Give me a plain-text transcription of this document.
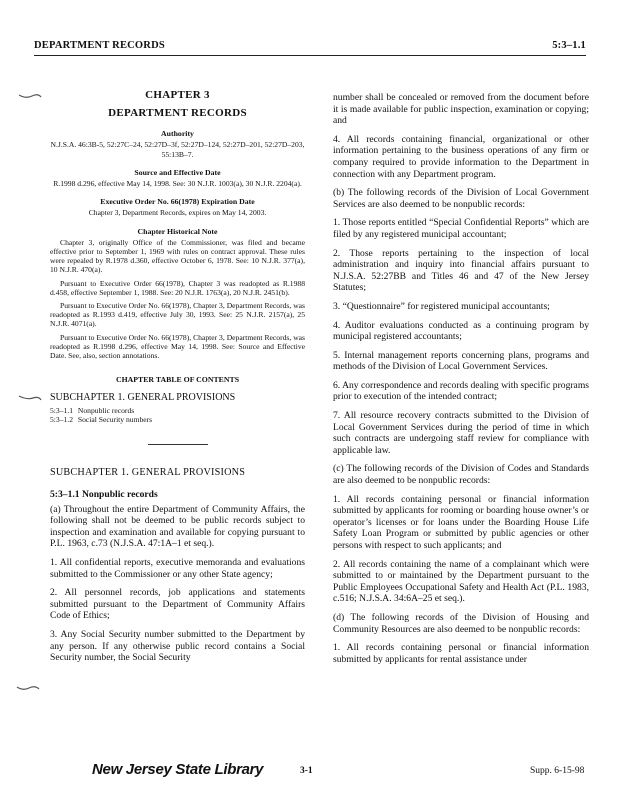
DEPARTMENT RECORDS	5:3–1.1
CHAPTER 3
DEPARTMENT RECORDS
Authority
N.J.S.A. 46:3B-5, 52:27C–24, 52:27D–3f, 52:27D–124, 52:27D–201, 52:27D–203, 55:13B–7.
Source and Effective Date
R.1998 d.296, effective May 14, 1998. See: 30 N.J.R. 1003(a), 30 N.J.R. 2204(a).
Executive Order No. 66(1978) Expiration Date
Chapter 3, Department Records, expires on May 14, 2003.
Chapter Historical Note

Chapter 3, originally Office of the Commissioner, was filed and became effective prior to September 1, 1969 with rules on contract approval. These rules were repealed by R.1978 d.360, effective October 6, 1978. See: 10 N.J.R. 377(a), 10 N.J.R. 470(a).

Pursuant to Executive Order 66(1978), Chapter 3 was readopted as R.1988 d.458, effective September 1, 1988. See: 20 N.J.R. 1763(a), 20 N.J.R. 2451(b).

Pursuant to Executive Order No. 66(1978), Chapter 3, Department Records, was readopted as R.1993 d.419, effective July 30, 1993. See: 25 N.J.R. 2157(a), 25 N.J.R. 4071(a).

Pursuant to Executive Order No. 66(1978), Chapter 3, Department Records, was readopted as R.1998 d.296, effective May 14, 1998. See: Source and Effective Date. See, also, section annotations.

CHAPTER TABLE OF CONTENTS
SUBCHAPTER 1. GENERAL PROVISIONS
5:3–1.1 Nonpublic records
5:3–1.2 Social Security numbers
SUBCHAPTER 1. GENERAL PROVISIONS
5:3–1.1 Nonpublic records

(a) Throughout the entire Department of Community Affairs, the following shall not be deemed to be public records subject to inspection and examination and available for copying pursuant to P.L. 1963, c.73 (N.J.S.A. 47:1A–1 et seq.).

1. All confidential reports, executive memoranda and evaluations submitted to the Commissioner or any other State agency;

2. All personnel records, job applications and statements submitted pursuant to the Department of Community Affairs Code of Ethics;

3. Any Social Security number submitted to the Department by any person. If any otherwise public record contains a Social Security number, the Social Security

number shall be concealed or removed from the document before it is made available for public inspection, examination or copying; and

4. All records containing financial, organizational or other information pertaining to the business operations of any firm or company required to provide information to the Department in connection with any Department program.

(b) The following records of the Division of Local Government Services are also deemed to be nonpublic records:

1. Those reports entitled “Special Confidential Reports” which are filed by any registered municipal accountant;

2. Those reports pertaining to the inspection of local administration and inquiry into financial affairs pursuant to N.J.S.A. 52:27BB and Titles 46 and 47 of the New Jersey Statutes;

3. “Questionnaire” for registered municipal accountants;

4. Auditor evaluations conducted as a continuing program by municipal registered accountants;

5. Internal management reports concerning plans, programs and methods of the Division of Local Government Services.

6. Any correspondence and records dealing with specific programs prior to execution of the intended contract;

7. All resource recovery contracts submitted to the Division of Local Government Services during the period of time in which such contracts are undergoing staff review for compliance with applicable law.

(c) The following records of the Division of Codes and Standards are also deemed to be nonpublic records:

1. All records containing personal or financial information submitted by applicants for rooming or boarding house owner’s or operator’s licenses or for loans under the Boarding House Life Safety Loan Program or submitted by public agencies or other persons with respect to such applicants; and

2. All records containing the name of a complainant which were submitted to or maintained by the Department pursuant to the Public Employees Occupational Safety and Health Act (P.L. 1983, c.516; N.J.S.A. 34:6A–25 et seq.).

(d) The following records of the Division of Housing and Community Resources are also deemed to be nonpublic records:

1. All records containing personal or financial information submitted by applicants for rental assistance under

New Jersey State Library	3-1	Supp. 6-15-98
